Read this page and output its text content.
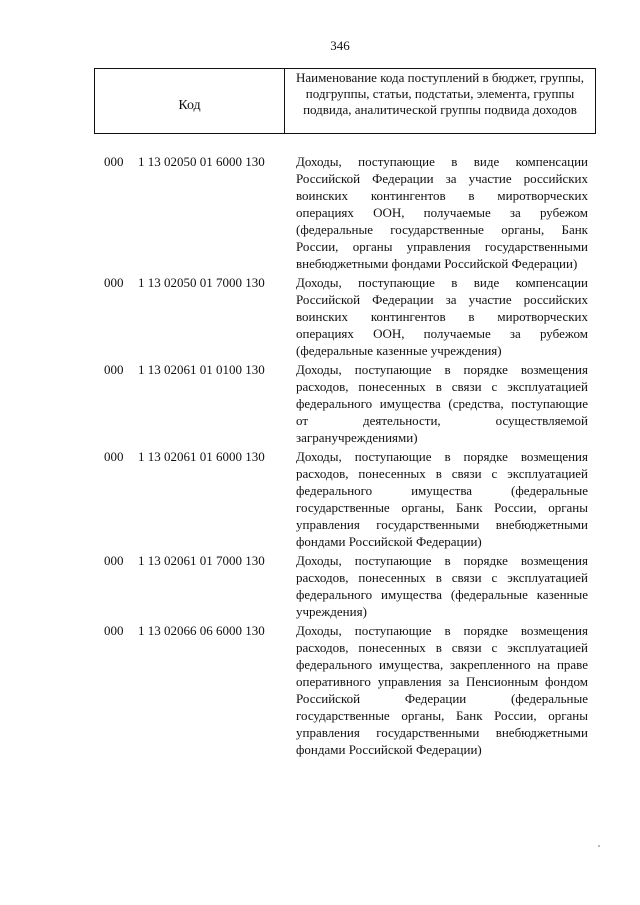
346
Код
Наименование кода поступлений в бюджет, группы, подгруппы, статьи, подстатьи, элемента, группы подвида, аналитической группы подвида доходов
000	1 13 02050 01 6000 130	Доходы, поступающие в виде компенсации Российской Федерации за участие российских воинских контингентов в миротворческих операциях ООН, получаемые за рубежом (федеральные государственные органы, Банк России, органы управления государственными внебюджетными фондами Российской Федерации)
000	1 13 02050 01 7000 130	Доходы, поступающие в виде компенсации Российской Федерации за участие российских воинских контингентов в миротворческих операциях ООН, получаемые за рубежом (федеральные казенные учреждения)
000	1 13 02061 01 0100 130	Доходы, поступающие в порядке возмещения расходов, понесенных в связи с эксплуатацией федерального имущества (средства, поступающие от деятельности, осуществляемой загранучреждениями)
000	1 13 02061 01 6000 130	Доходы, поступающие в порядке возмещения расходов, понесенных в связи с эксплуатацией федерального имущества (федеральные государственные органы, Банк России, органы управления государственными внебюджетными фондами Российской Федерации)
000	1 13 02061 01 7000 130	Доходы, поступающие в порядке возмещения расходов, понесенных в связи с эксплуатацией федерального имущества (федеральные казенные учреждения)
000	1 13 02066 06 6000 130	Доходы, поступающие в порядке возмещения расходов, понесенных в связи с эксплуатацией федерального имущества, закрепленного на праве оперативного управления за Пенсионным фондом Российской Федерации (федеральные государственные органы, Банк России, органы управления государственными внебюджетными фондами Российской Федерации)
